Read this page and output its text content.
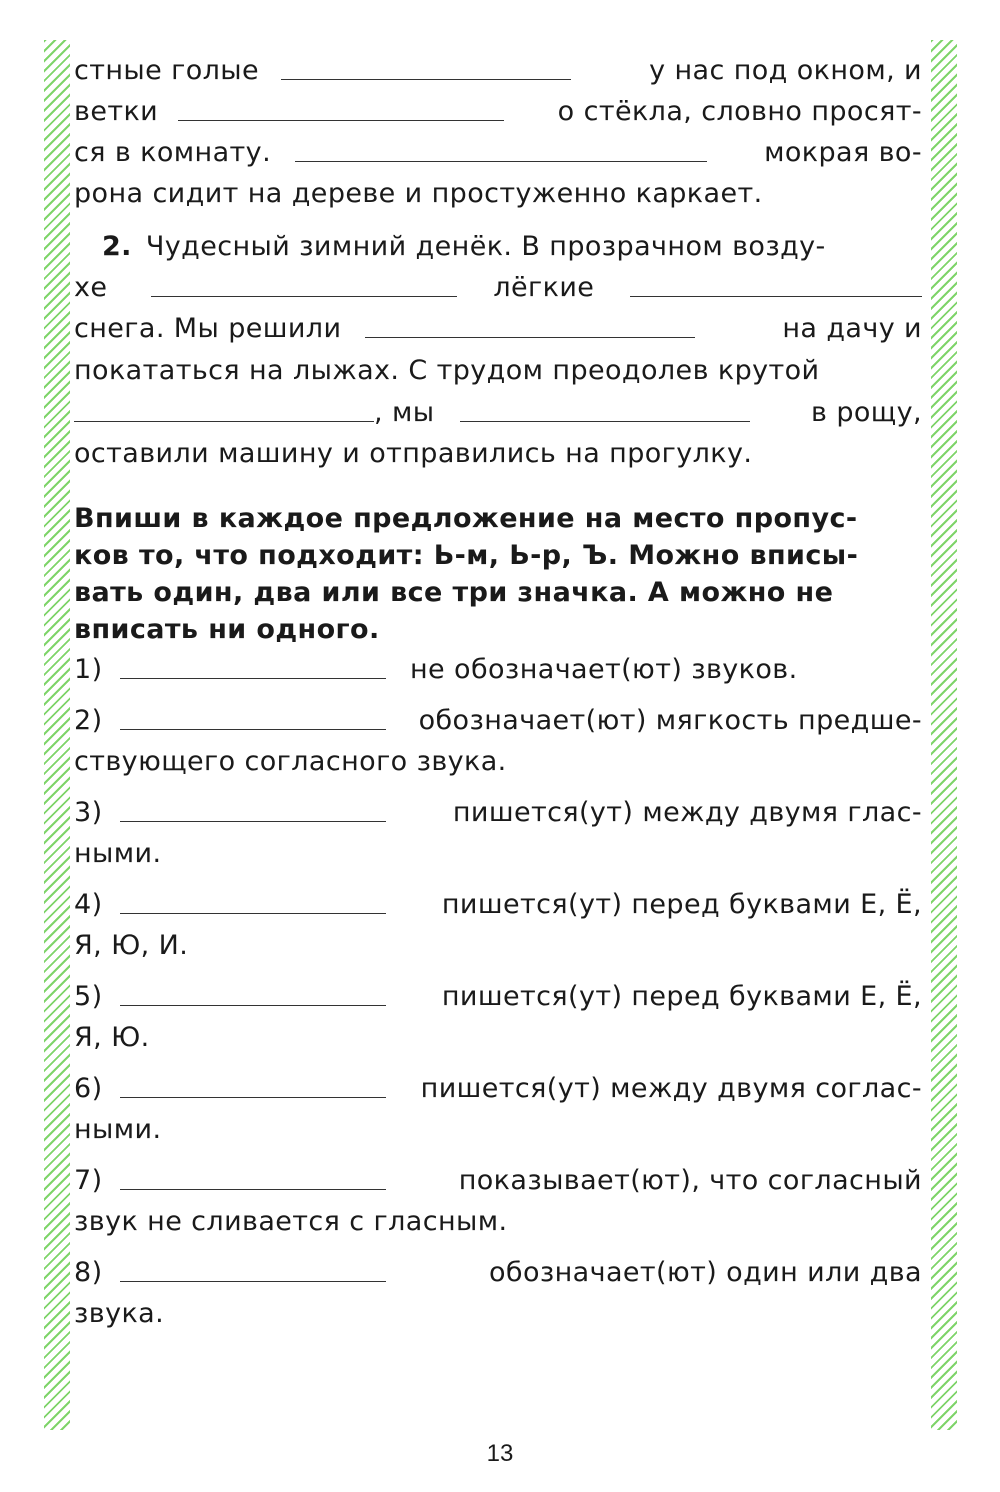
стные голые	у нас под окном, и
ветки	о стёкла, словно просят-
ся в комнату.	мокрая во-
рона сидит на дереве и простуженно каркает.
2. Чудесный зимний денёк. В прозрачном возду-
хе	лёгкие
снега. Мы решили	на дачу и
покататься на лыжах. С трудом преодолев крутой
, мы	в рощу,
оставили машину и отправились на прогулку.
Впиши в каждое предложение на место пропус-
ков то, что подходит: Ь-м, Ь-р, Ъ. Можно вписы-
вать один, два или все три значка. А можно не
вписать ни одного.
1)	не обозначает(ют) звуков.
2)	обозначает(ют) мягкость предше-
ствующего согласного звука.
3)	пишется(ут) между двумя глас-
ными.
4)	пишется(ут) перед буквами Е, Ё,
Я, Ю, И.
5)	пишется(ут) перед буквами Е, Ё,
Я, Ю.
6)	пишется(ут) между двумя соглас-
ными.
7)	показывает(ют), что согласный
звук не сливается с гласным.
8)	обозначает(ют) один или два
звука.
13
